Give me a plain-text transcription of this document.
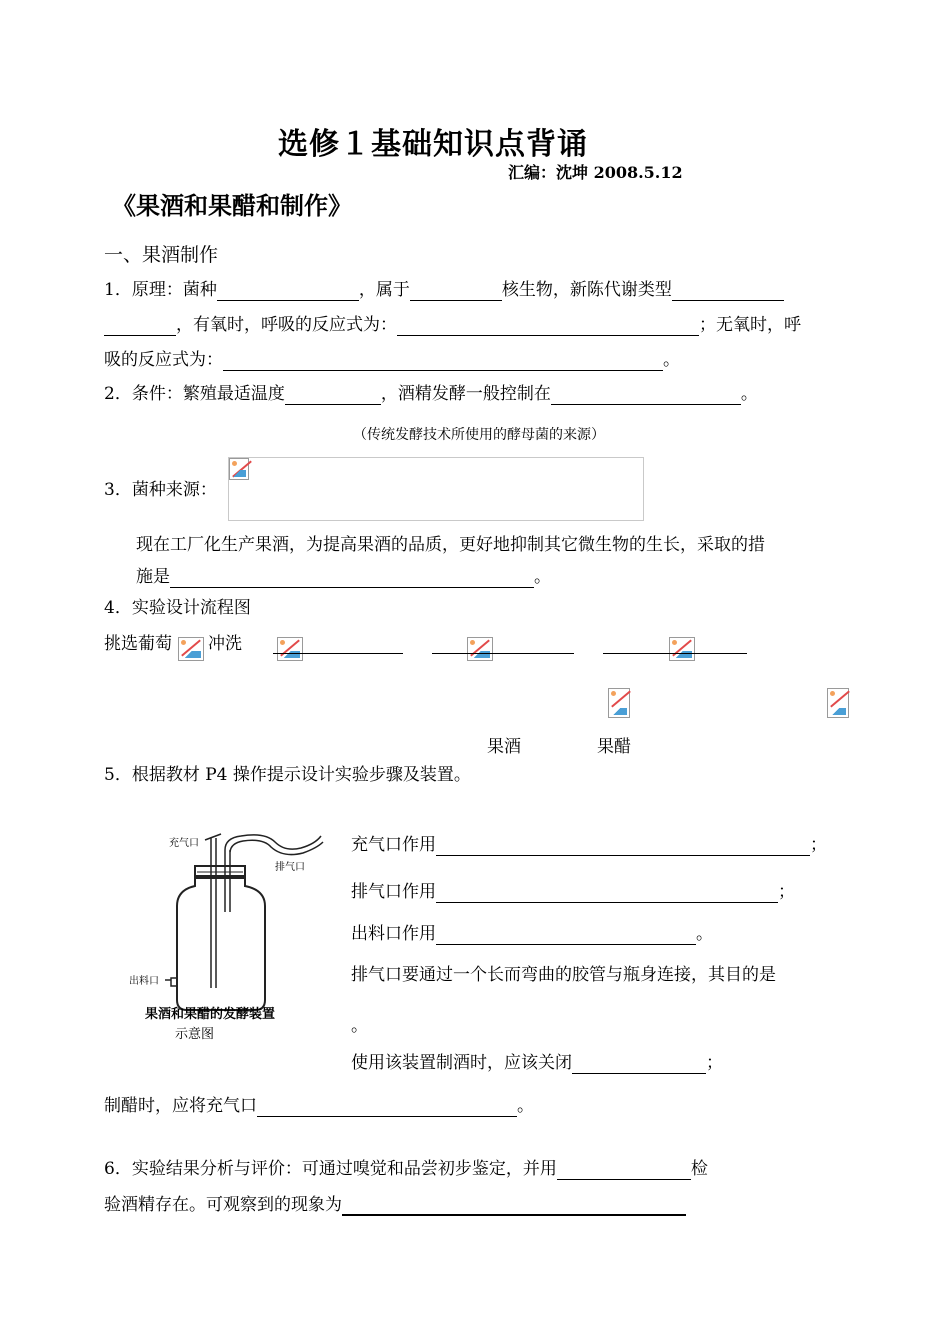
选修１基础知识点背诵
汇编：沈坤 2008.5.12
《果酒和果醋和制作》
一、果酒制作
1．原理：菌种	，属于	核生物，新陈代谢类型
，有氧时，呼吸的反应式为：	；无氧时，呼
吸的反应式为：	。
2．条件：繁殖最适温度	，酒精发酵一般控制在	。
（传统发酵技术所使用的酵母菌的来源）
3．菌种来源：
现在工厂化生产果酒，为提高果酒的品质，更好地抑制其它微生物的生长，采取的措
施是	。
4．实验设计流程图
挑选葡萄
冲洗

果酒	果醋
5．根据教材 P4 操作提示设计实验步骤及装置。
充气口
排气口
出料口
果酒和果醋的发酵装置
示意图
充气口作用	；
排气口作用	；
出料口作用	。
排气口要通过一个长而弯曲的胶管与瓶身连接，其目的是
。
使用该装置制酒时，应该关闭	；
制醋时，应将充气口	。
6．实验结果分析与评价：可通过嗅觉和品尝初步鉴定，并用	检
验酒精存在。可观察到的现象为
